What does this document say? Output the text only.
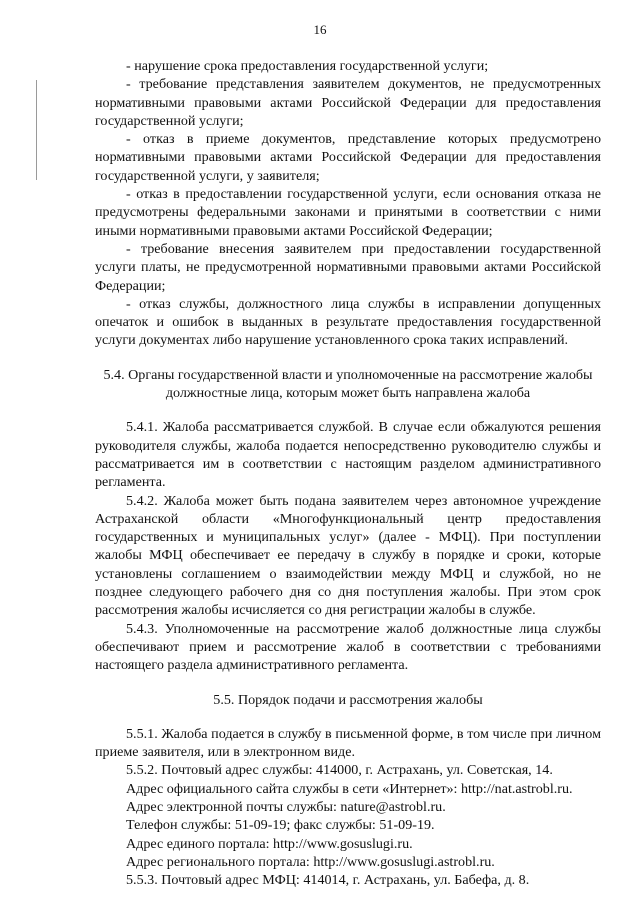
16

- нарушение срока предоставления государственной услуги;

- требование представления заявителем документов, не предусмотренных нормативными правовыми актами Российской Федерации для предоставления государственной услуги;

- отказ в приеме документов, представление которых предусмотрено нормативными правовыми актами Российской Федерации для предоставления государственной услуги, у заявителя;

- отказ в предоставлении государственной услуги, если основания отказа не предусмотрены федеральными законами и принятыми в соответствии с ними иными нормативными правовыми актами Российской Федерации;

- требование внесения заявителем при предоставлении государственной услуги платы, не предусмотренной нормативными правовыми актами Российской Федерации;

- отказ службы, должностного лица службы в исправлении допущенных опечаток и ошибок в выданных в результате предоставления государственной услуги документах либо нарушение установленного срока таких исправлений.

5.4. Органы государственной власти и уполномоченные на рассмотрение жалобы должностные лица, которым может быть направлена жалоба

5.4.1. Жалоба рассматривается службой. В случае если обжалуются решения руководителя службы, жалоба подается непосредственно руководителю службы и рассматривается им в соответствии с настоящим разделом административного регламента.

5.4.2. Жалоба может быть подана заявителем через автономное учреждение Астраханской области «Многофункциональный центр предоставления государственных и муниципальных услуг» (далее - МФЦ). При поступлении жалобы МФЦ обеспечивает ее передачу в службу в порядке и сроки, которые установлены соглашением о взаимодействии между МФЦ и службой, но не позднее следующего рабочего дня со дня поступления жалобы. При этом срок рассмотрения жалобы исчисляется со дня регистрации жалобы в службе.

5.4.3. Уполномоченные на рассмотрение жалоб должностные лица службы обеспечивают прием и рассмотрение жалоб в соответствии с требованиями настоящего раздела административного регламента.

5.5. Порядок подачи и рассмотрения жалобы

5.5.1. Жалоба подается в службу в письменной форме, в том числе при личном приеме заявителя, или в электронном виде.

5.5.2. Почтовый адрес службы: 414000, г. Астрахань, ул. Советская, 14.

Адрес официального сайта службы в сети «Интернет»: http://nat.astrobl.ru.

Адрес электронной почты службы: nature@astrobl.ru.

Телефон службы: 51-09-19; факс службы: 51-09-19.

Адрес единого портала: http://www.gosuslugi.ru.

Адрес регионального портала: http://www.gosuslugi.astrobl.ru.

5.5.3. Почтовый адрес МФЦ: 414014, г. Астрахань, ул. Бабефа, д. 8.
